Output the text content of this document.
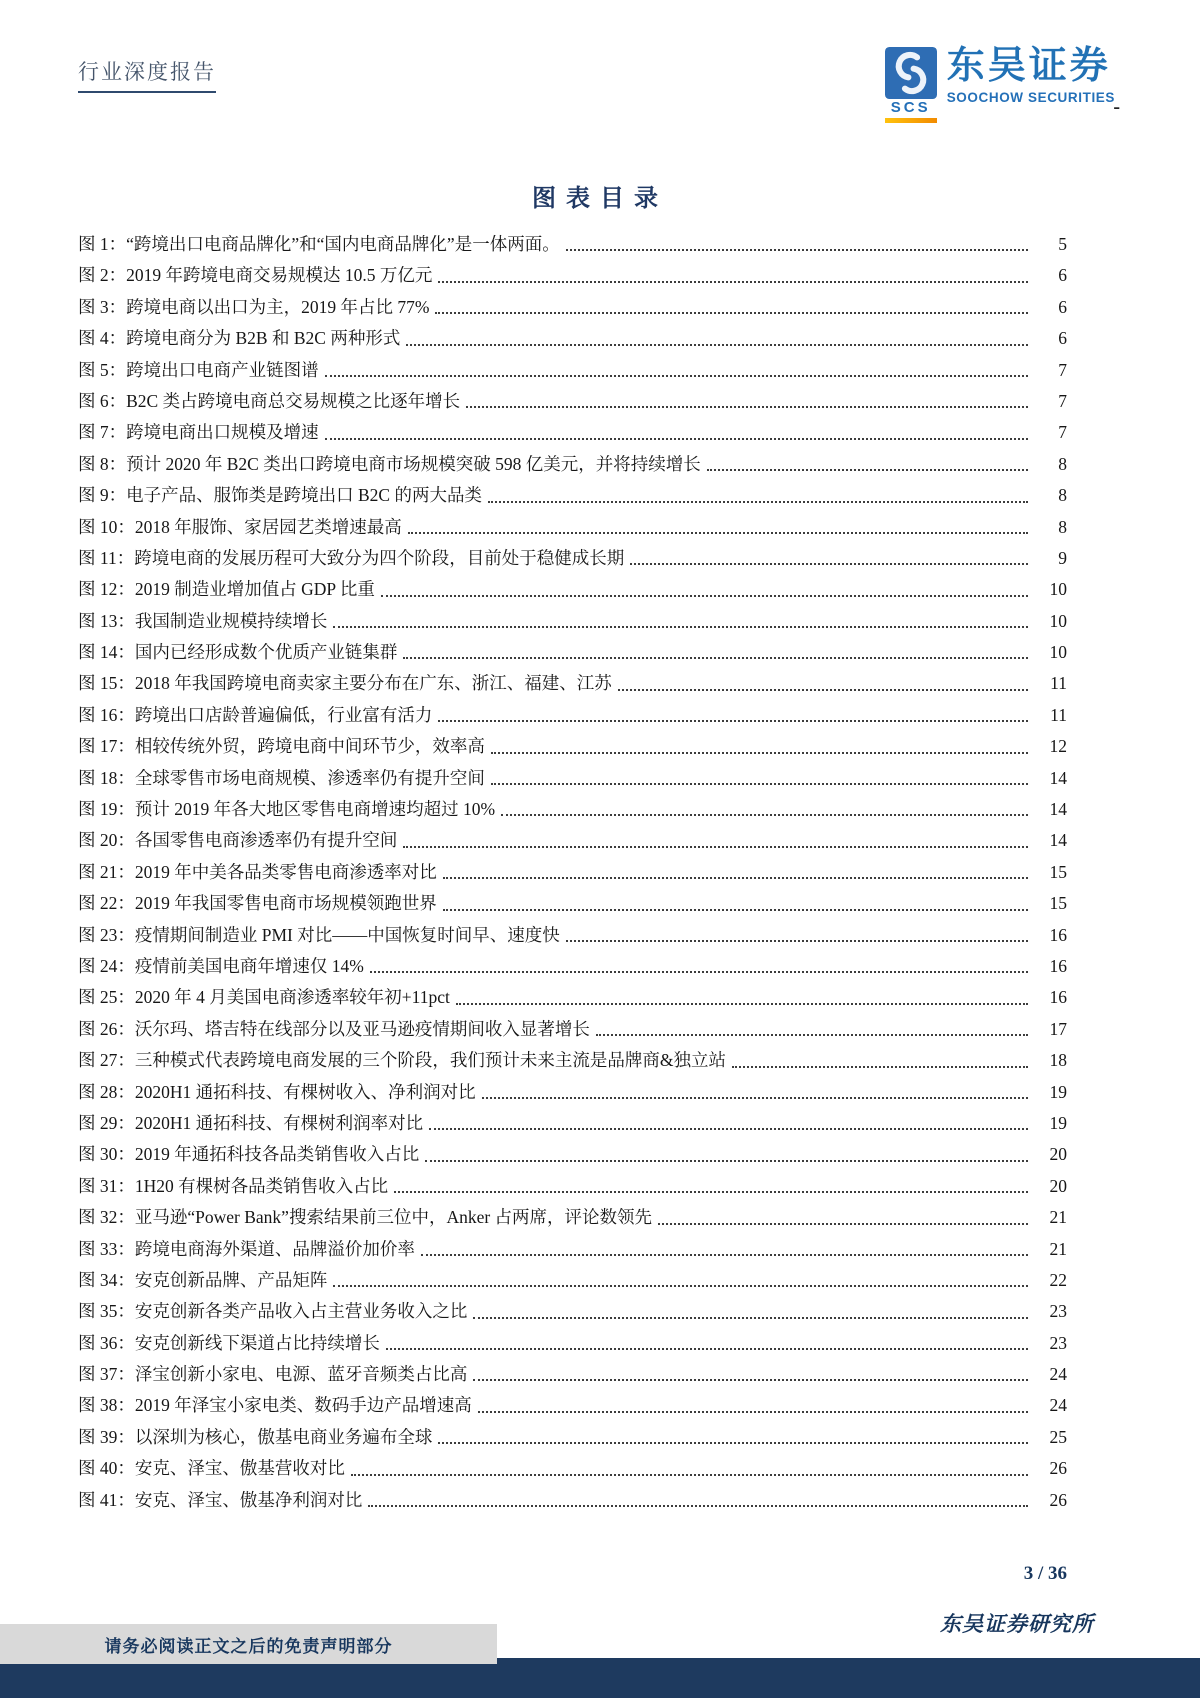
行业深度报告
SCS
东吴证券
SOOCHOW SECURITIES
-
图表目录
图 1： “跨境出口电商品牌化”和“国内电商品牌化”是一体两面。	5
图 2： 2019 年跨境电商交易规模达 10.5 万亿元	6
图 3： 跨境电商以出口为主，2019 年占比 77%	6
图 4： 跨境电商分为 B2B 和 B2C 两种形式	6
图 5： 跨境出口电商产业链图谱	7
图 6： B2C 类占跨境电商总交易规模之比逐年增长	7
图 7： 跨境电商出口规模及增速	7
图 8： 预计 2020 年 B2C 类出口跨境电商市场规模突破 598 亿美元，并将持续增长	8
图 9： 电子产品、服饰类是跨境出口 B2C 的两大品类	8
图 10： 2018 年服饰、家居园艺类增速最高	8
图 11： 跨境电商的发展历程可大致分为四个阶段，目前处于稳健成长期	9
图 12： 2019 制造业增加值占 GDP 比重	10
图 13： 我国制造业规模持续增长	10
图 14： 国内已经形成数个优质产业链集群	10
图 15： 2018 年我国跨境电商卖家主要分布在广东、浙江、福建、江苏	11
图 16： 跨境出口店龄普遍偏低，行业富有活力	11
图 17： 相较传统外贸，跨境电商中间环节少，效率高	12
图 18： 全球零售市场电商规模、渗透率仍有提升空间	14
图 19： 预计 2019 年各大地区零售电商增速均超过 10%	14
图 20： 各国零售电商渗透率仍有提升空间	14
图 21： 2019 年中美各品类零售电商渗透率对比	15
图 22： 2019 年我国零售电商市场规模领跑世界	15
图 23： 疫情期间制造业 PMI 对比——中国恢复时间早、速度快	16
图 24： 疫情前美国电商年增速仅 14%	16
图 25： 2020 年 4 月美国电商渗透率较年初+11pct	16
图 26： 沃尔玛、塔吉特在线部分以及亚马逊疫情期间收入显著增长	17
图 27： 三种模式代表跨境电商发展的三个阶段，我们预计未来主流是品牌商&独立站	18
图 28： 2020H1 通拓科技、有棵树收入、净利润对比	19
图 29： 2020H1 通拓科技、有棵树利润率对比	19
图 30： 2019 年通拓科技各品类销售收入占比	20
图 31： 1H20 有棵树各品类销售收入占比	20
图 32： 亚马逊“Power Bank”搜索结果前三位中，Anker 占两席，评论数领先	21
图 33： 跨境电商海外渠道、品牌溢价加价率	21
图 34： 安克创新品牌、产品矩阵	22
图 35： 安克创新各类产品收入占主营业务收入之比	23
图 36： 安克创新线下渠道占比持续增长	23
图 37： 泽宝创新小家电、电源、蓝牙音频类占比高	24
图 38： 2019 年泽宝小家电类、数码手边产品增速高	24
图 39： 以深圳为核心，傲基电商业务遍布全球	25
图 40： 安克、泽宝、傲基营收对比	26
图 41： 安克、泽宝、傲基净利润对比	26
3 / 36
东吴证券研究所
请务必阅读正文之后的免责声明部分
